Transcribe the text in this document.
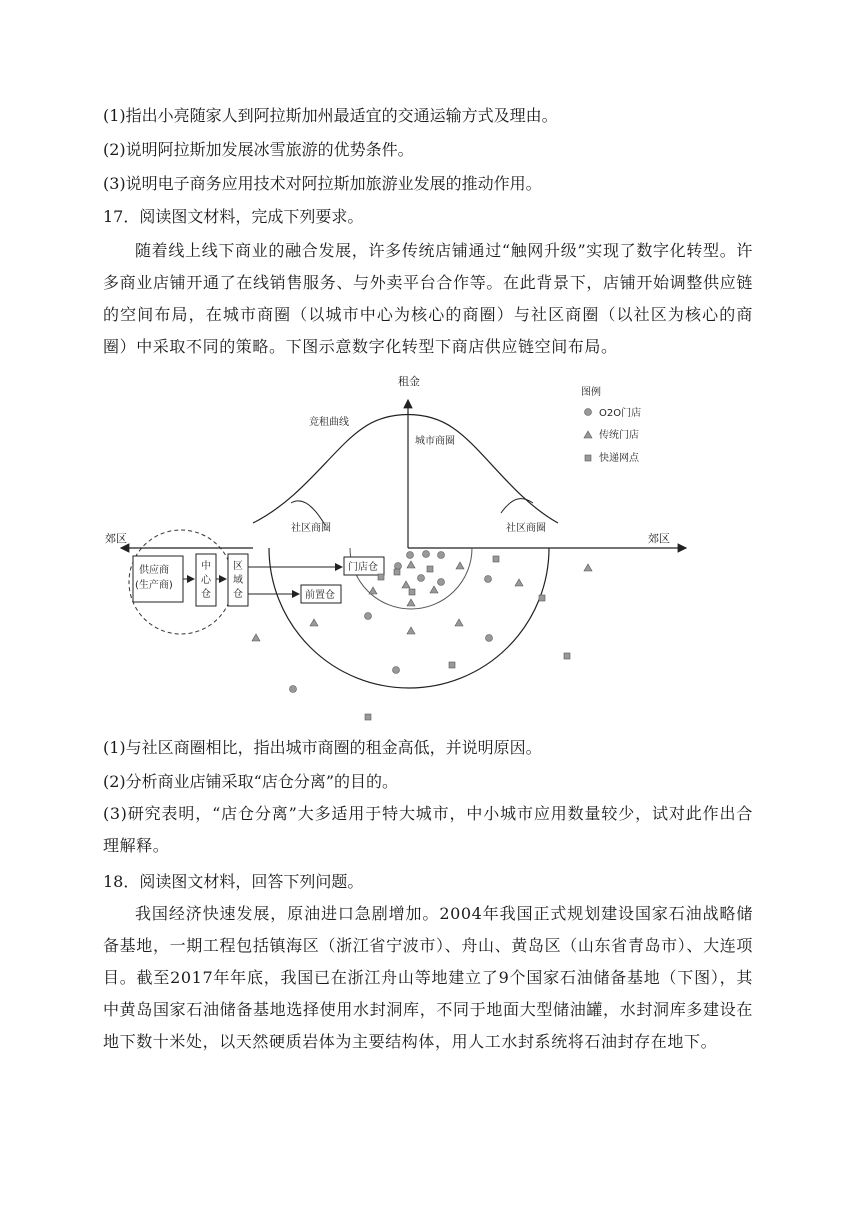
(1)指出小亮随家人到阿拉斯加州最适宜的交通运输方式及理由。
(2)说明阿拉斯加发展冰雪旅游的优势条件。
(3)说明电子商务应用技术对阿拉斯加旅游业发展的推动作用。
17．阅读图文材料，完成下列要求。
随着线上线下商业的融合发展，许多传统店铺通过“触网升级”实现了数字化转型。许多商业店铺开通了在线销售服务、与外卖平台合作等。在此背景下，店铺开始调整供应链的空间布局，在城市商圈（以城市中心为核心的商圈）与社区商圈（以社区为核心的商圈）中采取不同的策略。下图示意数字化转型下商店供应链空间布局。
租金
郊区	郊区
竞租曲线
城市商圈
社区商圈	社区商圈
供应商
(生产商)
中
心
仓
区
域
仓
门店仓
前置仓
图例
O2O门店
传统门店
快递网点
(1)与社区商圈相比，指出城市商圈的租金高低，并说明原因。
(2)分析商业店铺采取“店仓分离”的目的。
(3)研究表明，“店仓分离”大多适用于特大城市，中小城市应用数量较少，试对此作出合理解释。
18．阅读图文材料，回答下列问题。
我国经济快速发展，原油进口急剧增加。2004年我国正式规划建设国家石油战略储备基地，一期工程包括镇海区（浙江省宁波市）、舟山、黄岛区（山东省青岛市）、大连项目。截至2017年年底，我国已在浙江舟山等地建立了9个国家石油储备基地（下图），其中黄岛国家石油储备基地选择使用水封洞库，不同于地面大型储油罐，水封洞库多建设在地下数十米处，以天然硬质岩体为主要结构体，用人工水封系统将石油封存在地下。
